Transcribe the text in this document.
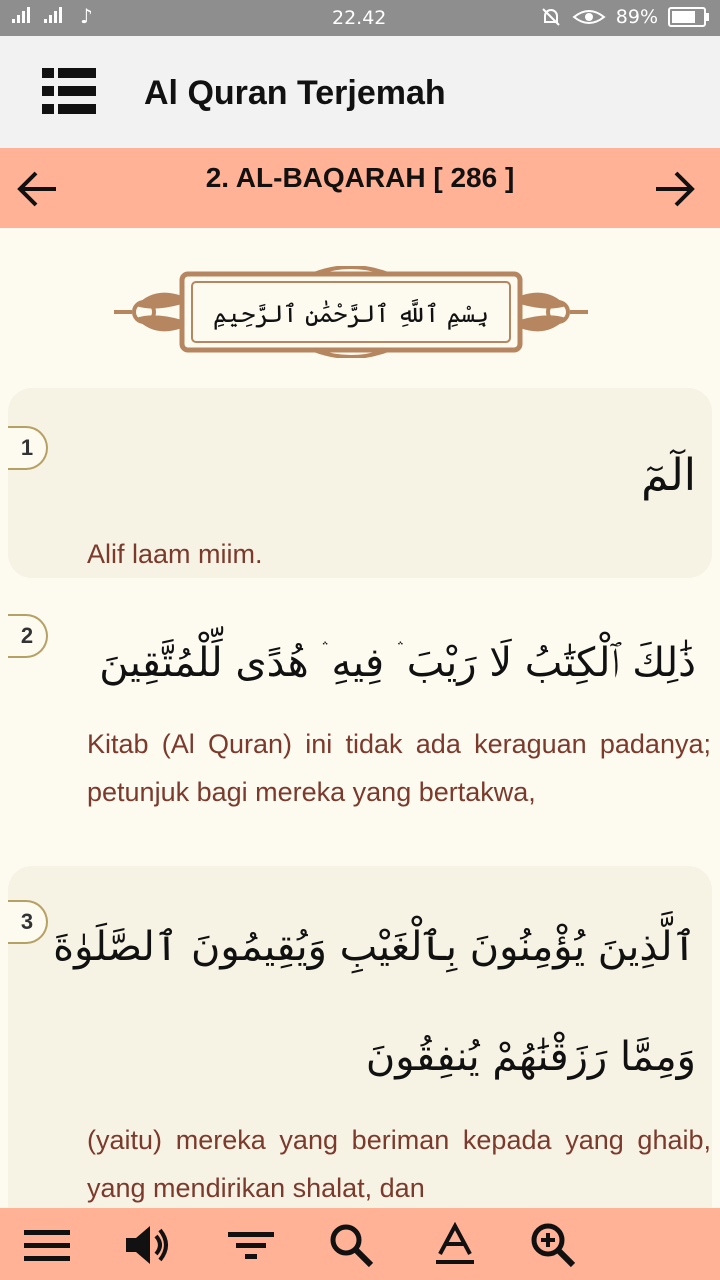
♪	22.42	89%
Al Quran Terjemah
2. AL-BAQARAH [ 286 ]
بِسْمِ ٱللَّهِ ٱلرَّحْمَٰنِ ٱلرَّحِيمِ
1
الٓمٓ
Alif laam miim.
2
ذَٰلِكَ ٱلْكِتَٰبُ لَا رَيْبَ ۛ فِيهِ ۛ هُدًى لِّلْمُتَّقِينَ
Kitab (Al Quran) ini tidak ada keraguan padanya; petunjuk bagi mereka yang bertakwa,
3
ٱلَّذِينَ يُؤْمِنُونَ بِٱلْغَيْبِ وَيُقِيمُونَ ٱلصَّلَوٰةَ
وَمِمَّا رَزَقْنَٰهُمْ يُنفِقُونَ
(yaitu) mereka yang beriman kepada yang ghaib, yang mendirikan shalat, dan
